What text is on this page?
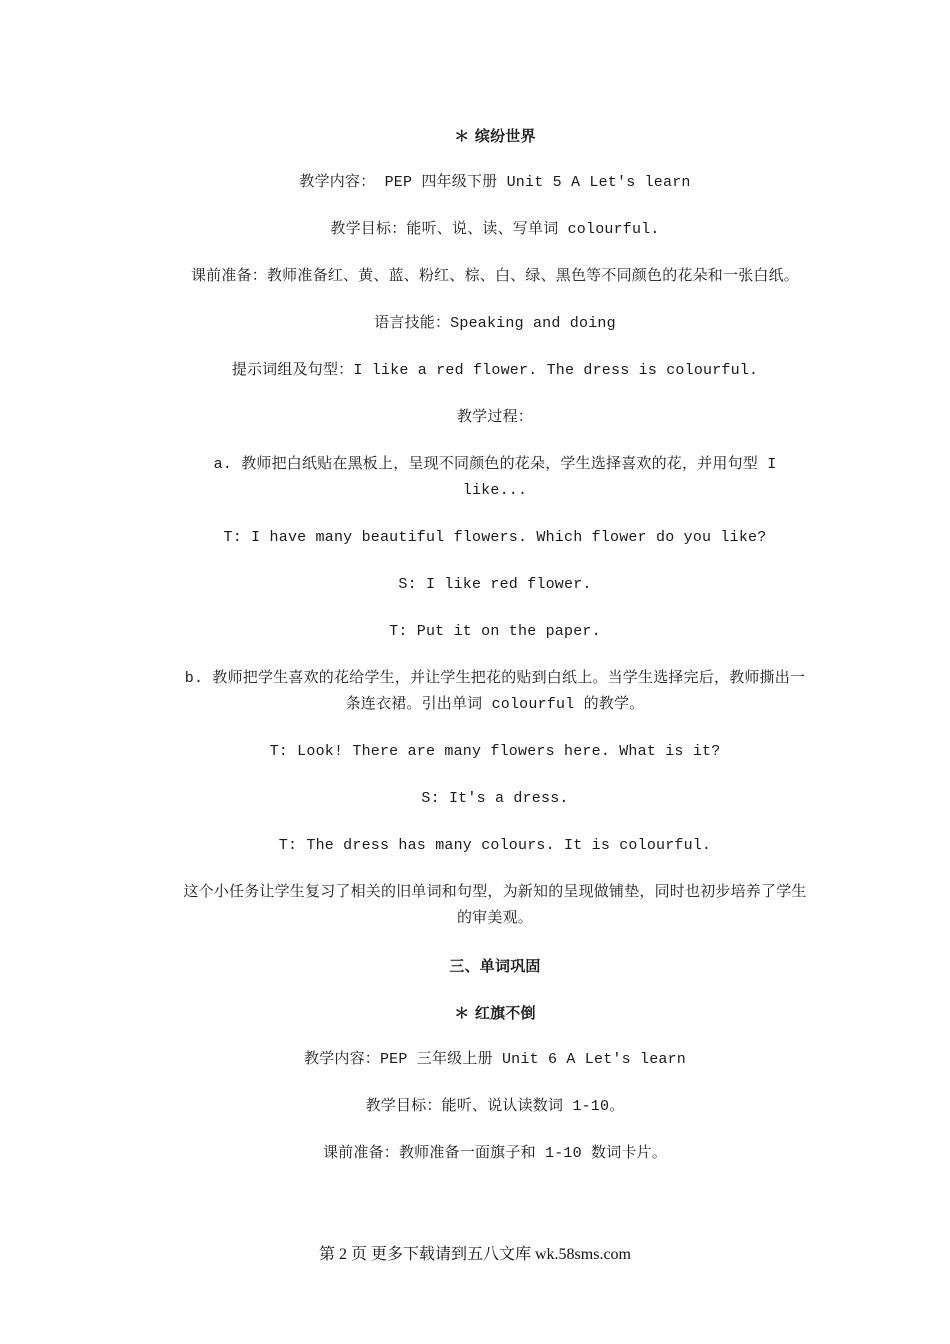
＊ 缤纷世界

教学内容： PEP 四年级下册 Unit 5 A Let's learn

教学目标：能听、说、读、写单词 colourful.

课前准备：教师准备红、黄、蓝、粉红、棕、白、绿、黑色等不同颜色的花朵和一张白纸。

语言技能：Speaking and doing

提示词组及句型：I like a red flower. The dress is colourful.

教学过程：

a. 教师把白纸贴在黑板上，呈现不同颜色的花朵，学生选择喜欢的花，并用句型 I like...

T: I have many beautiful flowers. Which flower do you like?

S: I like red flower.

T: Put it on the paper.

b. 教师把学生喜欢的花给学生，并让学生把花的贴到白纸上。当学生选择完后，教师撕出一条连衣裙。引出单词 colourful 的教学。

T: Look! There are many flowers here. What is it?

S: It's a dress.

T: The dress has many colours. It is colourful.

这个小任务让学生复习了相关的旧单词和句型，为新知的呈现做铺垫，同时也初步培养了学生的审美观。

三、单词巩固

＊ 红旗不倒

教学内容：PEP 三年级上册 Unit 6 A Let's learn

教学目标：能听、说认读数词 1-10。

课前准备：教师准备一面旗子和 1-10 数词卡片。

第 2 页 更多下载请到五八文库 wk.58sms.com
